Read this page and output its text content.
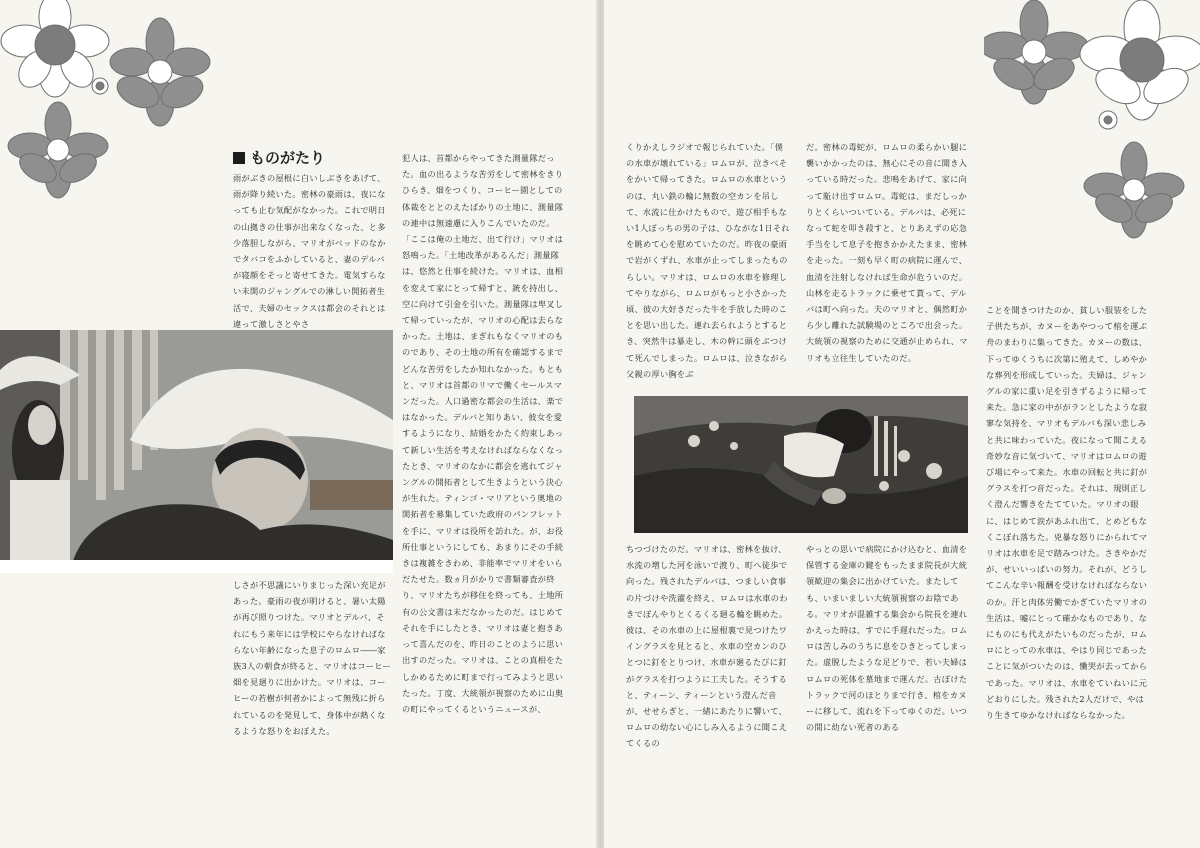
ものがたり

雨がぶきの屋根に白いしぶきをあげて、雨が降り続いた。密林の豪雨は、夜になっても止む気配がなかった。これで明日の山拠きの仕事が出来なくなった、と多少落胆しながら、マリオがベッドのなかでタバコをふかしていると、妻のデルバが寝顔をそっと寄せてきた。電気すらない未開のジャングルでの淋しい開拓者生活で、夫婦のセックスは都会のそれとは違って激しさとやさ

しさが不思議にいりまじった深い充足があった。豪雨の夜が明けると、暑い太陽が再び照りつけた。マリオとデルバ、それにもう来年には学校にやらなければならない年齢になった息子のロムロ――家族3人の朝食が終ると、マリオはコーヒー畑を見廻りに出かけた。マリオは、コーヒーの若樹が何者かによって無残に折られているのを発見して、身体中が熱くなるような怒りをおぼえた。

犯人は、首都からやってきた測量隊だった。血の出るような苦労をして密林をきりひらき、畑をつくり、コーヒー園としての体裁をととのえたばかりの土地に、測量隊の連中は無遠慮に入りこんでいたのだ。「ここは俺の土地だ、出て行け」マリオは怒鳴った。「土地改革があるんだ」測量隊は、悠然と仕事を続けた。マリオは、血相を変えて家にとって帰すと、銃を持出し、空に向けて引金を引いた。測量隊は卑叉して帰っていったが、マリオの心配は去らなかった。土地は、まぎれもなくマリオのものであり、その土地の所有を確認するまでどんな苦労をしたか知れなかった。もともと、マリオは首都のリマで働くセールスマンだった。人口過密な都会の生活は、楽ではなかった。デルバと知りあい、彼女を愛するようになり、結婚をかたく約束しあって新しい生活を考えなければならなくなったとき、マリオのなかに都会を逃れてジャングルの開拓者として生きようという決心が生れた。ティンゴ・マリアという奥地の開拓者を募集していた政府のパンフレットを手に、マリオは役所を訪れた。が、お役所仕事というにしても、あまりにその手続きは複雑をきわめ、非能率でマリオをいらだたせた。数ヵ月がかりで書類審査が終り、マリオたちが移住を終っても、土地所有の公文書は未だなかったのだ。はじめてそれを手にしたとき、マリオは妻と抱きあって喜んだのを、昨日のことのように思い出すのだった。マリオは、ことの真相をたしかめるために町まで行ってみようと思いたった。丁度、大統領が視察のために山奥の町にやってくるというニュースが、

くりかえしラジオで報じられていた。「僕の水車が壊れている」ロムロが、泣きべそをかいて帰ってきた。ロムロの水車というのは、丸い鉄の輪に無数の空カンを吊して、水流に仕かけたもので、遊び相手もない1人ぼっちの男の子は、ひながな1日それを眺めて心を慰めていたのだ。昨夜の豪雨で岩がくずれ、水車が止ってしまったものらしい。マリオは、ロムロの水車を修理してやりながら、ロムロがもっと小さかった頃、彼の大好きだった牛を手放した時のことを思い出した。連れ去られようとするとき、突然牛は暴走し、木の幹に頭をぶつけて死んでしまった。ロムロは、泣きながら父親の厚い胸をぶ

だ。密林の毒蛇が、ロムロの柔らかい腿に襲いかかったのは、無心にその音に聞き入っている時だった。悲鳴をあげて、家に向って駈け出すロムロ。毒蛇は、まだしっかりとくらいついている。デルバは、必死になって蛇を叩き殺すと、とりあえずの応急手当をして息子を抱きかかえたまま、密林を走った。一刻も早く町の病院に運んで、血清を注射しなければ生命が危ういのだ。山林を走るトラックに乗せて貰って、デルバは町へ向った。夫のマリオと、偶然町から少し離れた試験場のところで出会った。大統領の視察のために交通が止められ、マリオも立往生していたのだ。

ちつづけたのだ。マリオは、密林を抜け、水流の増した河を泳いで渡り、町へ徒歩で向った。残されたデルバは、つましい食事の片づけや洗濯を終え、ロムロは水車のわきでぼんやりとくるくる廻る輪を眺めた。彼は、その水車の上に屋根裏で見つけたワイングラスを見とると、水車の空カンのひとつに釘をとりつけ、水車が廻るたびに釘がグラスを打つように工夫した。そうすると、ティーン、ティーンという澄んだ音が、せせらぎと、一緒にあたりに響いて、ロムロの幼ない心にしみ入るように聞こえてくるの

やっとの思いで病院にかけ込むと、血清を保管する金庫の鍵をもったまま院長が大統領歓迎の集会に出かけていた。またしても、いまいましい大統領視察のお陰である。マリオが混雑する集会から院長を連れかえった時は、すでに手遅れだった。ロムロは苦しみのうちに息をひきとってしまった。虚脱したような足どりで、若い夫婦はロムロの死体を墓地まで運んだ。古ぼけたトラックで河のほとりまで行き、棺をカヌーに移して、流れを下ってゆくのだ。いつの間に幼ない死者のある

ことを聞きつけたのか、貧しい服装をした子供たちが、カヌーをあやつって棺を運ぶ舟のまわりに集ってきた。カヌーの数は、下ってゆくうちに次第に殖えて、しめやかな葬列を形成していった。夫婦は、ジャングルの家に重い足を引きずるように帰って来た。急に家の中ががランとしたような寂寥な気持を、マリオもデルバも深い悲しみと共に味わっていた。夜になって聞こえる奇妙な音に気づいて、マリオはロムロの遊び場にやって来た。水車の回転と共に釘がグラスを打つ音だった。それは、規則正しく澄んだ響きをたてていた。マリオの眼に、はじめて涙があふれ出て、とめどもなくこぼれ落ちた。兇暴な怒りにかられてマリオは水車を足で踏みつけた。さきやかだが、せいいっぱいの努力。それが、どうしてこんな辛い報酬を受けなければならないのか。汗と肉体労働でかぎていたマリオの生活は、嘘にとって確かなものであり、なにものにも代えがたいものだったが、ロムロにとっての水車は、やはり同じであったことに気がついたのは、慟哭が去ってからであった。マリオは、水車をていねいに元どおりにした。残された2人だけで、やはり生きてゆかなければならなかった。
